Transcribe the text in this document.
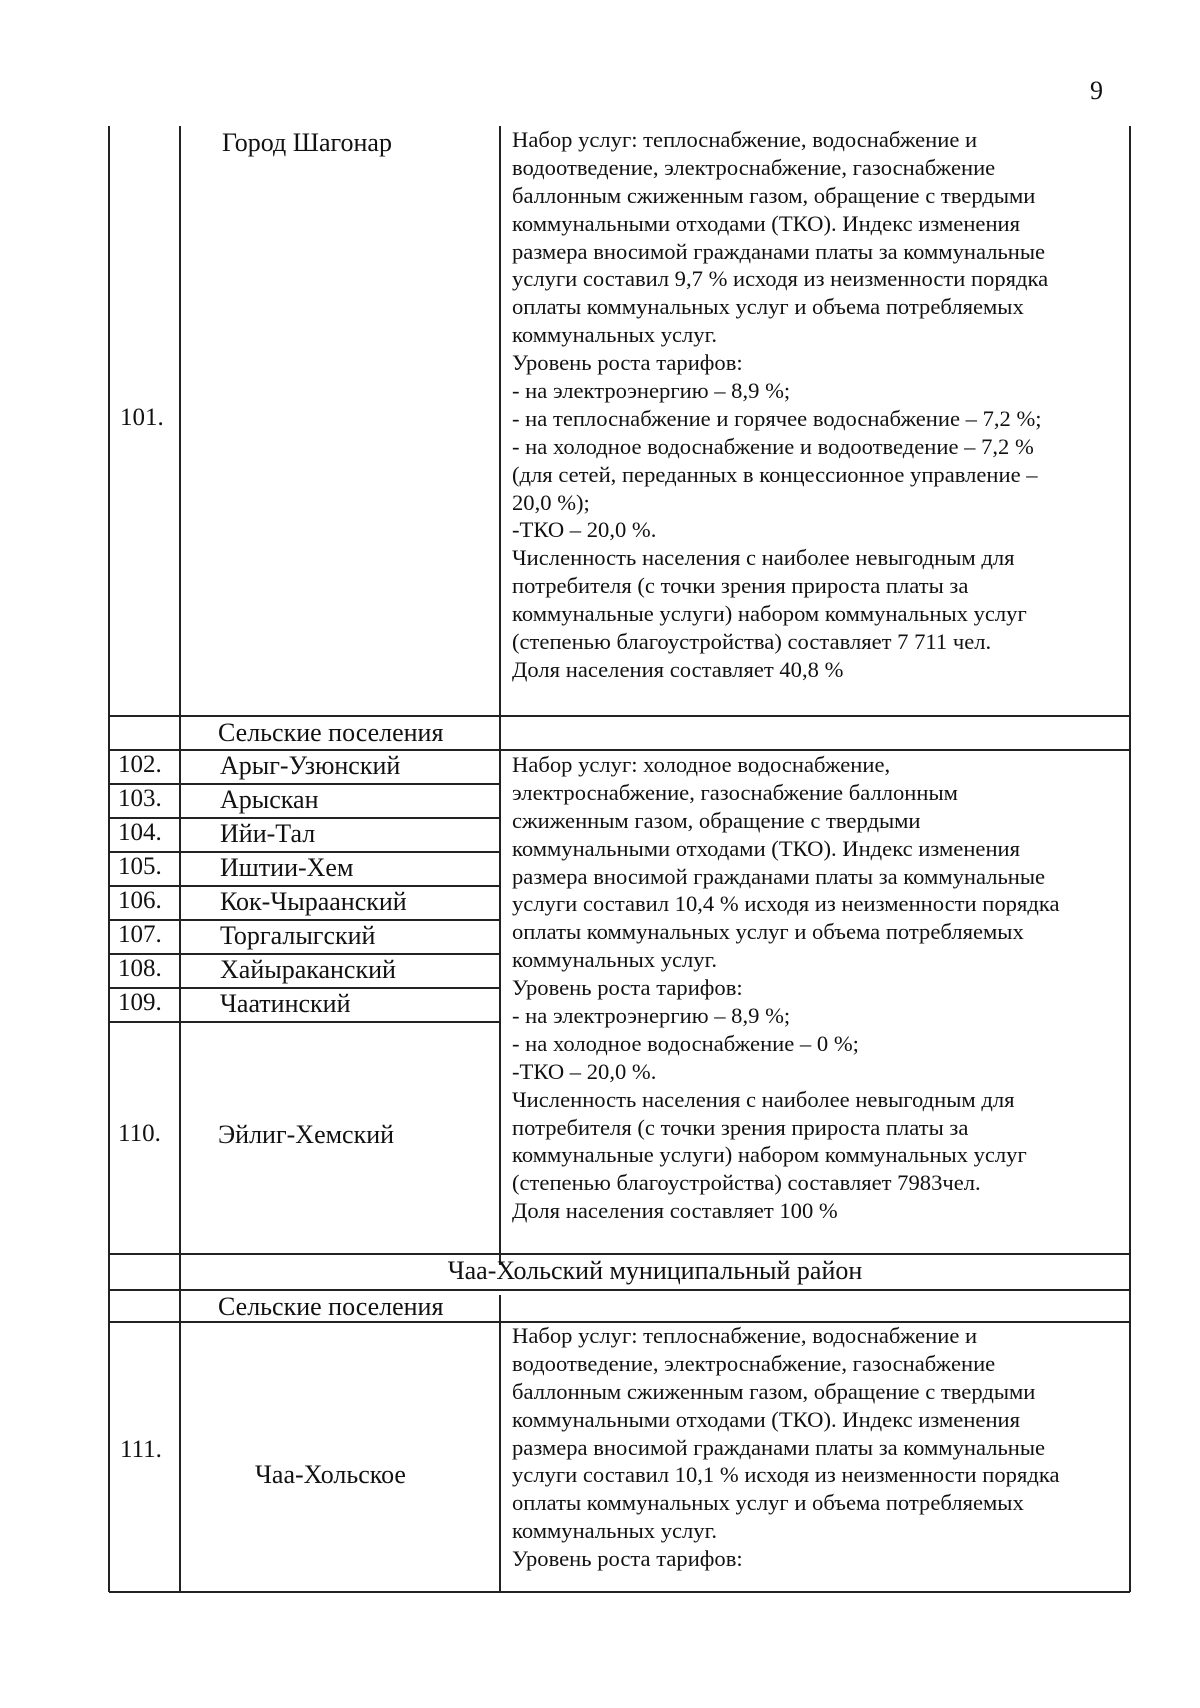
9
101.
Город Шагонар	Набор услуг: теплоснабжение, водоснабжение и
водоотведение, электроснабжение, газоснабжение
баллонным сжиженным газом, обращение с твердыми
коммунальными отходами (ТКО). Индекс изменения
размера вносимой гражданами платы за коммунальные
услуги составил 9,7 % исходя из неизменности порядка
оплаты коммунальных услуг и объема потребляемых
коммунальных услуг.
Уровень роста тарифов:
- на электроэнергию – 8,9 %;
- на теплоснабжение и горячее водоснабжение – 7,2 %;
- на холодное водоснабжение и водоотведение – 7,2 %
(для сетей, переданных в концессионное управление –
20,0 %);
-ТКО – 20,0 %.
Численность населения с наиболее невыгодным для
потребителя (с точки зрения прироста платы за
коммунальные услуги) набором коммунальных услуг
(степенью благоустройства) составляет 7 711 чел.
Доля населения составляет 40,8 %
Сельские поселения
102. Арыг-Узюнский
103. Арыскан
104. Ийи-Тал
105. Иштии-Хем
106. Кок-Чыраанский
107. Торгалыгский
108. Хайыраканский
109. Чаатинский
110. Эйлиг-Хемский
Набор услуг: холодное водоснабжение,
электроснабжение, газоснабжение баллонным
сжиженным газом, обращение с твердыми
коммунальными отходами (ТКО). Индекс изменения
размера вносимой гражданами платы за коммунальные
услуги составил 10,4 % исходя из неизменности порядка
оплаты коммунальных услуг и объема потребляемых
коммунальных услуг.
Уровень роста тарифов:
- на электроэнергию – 8,9 %;
- на холодное водоснабжение – 0 %;
-ТКО – 20,0 %.
Численность населения с наиболее невыгодным для
потребителя (с точки зрения прироста платы за
коммунальные услуги) набором коммунальных услуг
(степенью благоустройства) составляет 7983чел.
Доля населения составляет 100 %
Чаа-Хольский муниципальный район
Сельские поселения
111.
Чаа-Хольское
Набор услуг: теплоснабжение, водоснабжение и
водоотведение, электроснабжение, газоснабжение
баллонным сжиженным газом, обращение с твердыми
коммунальными отходами (ТКО). Индекс изменения
размера вносимой гражданами платы за коммунальные
услуги составил 10,1 % исходя из неизменности порядка
оплаты коммунальных услуг и объема потребляемых
коммунальных услуг.
Уровень роста тарифов:
